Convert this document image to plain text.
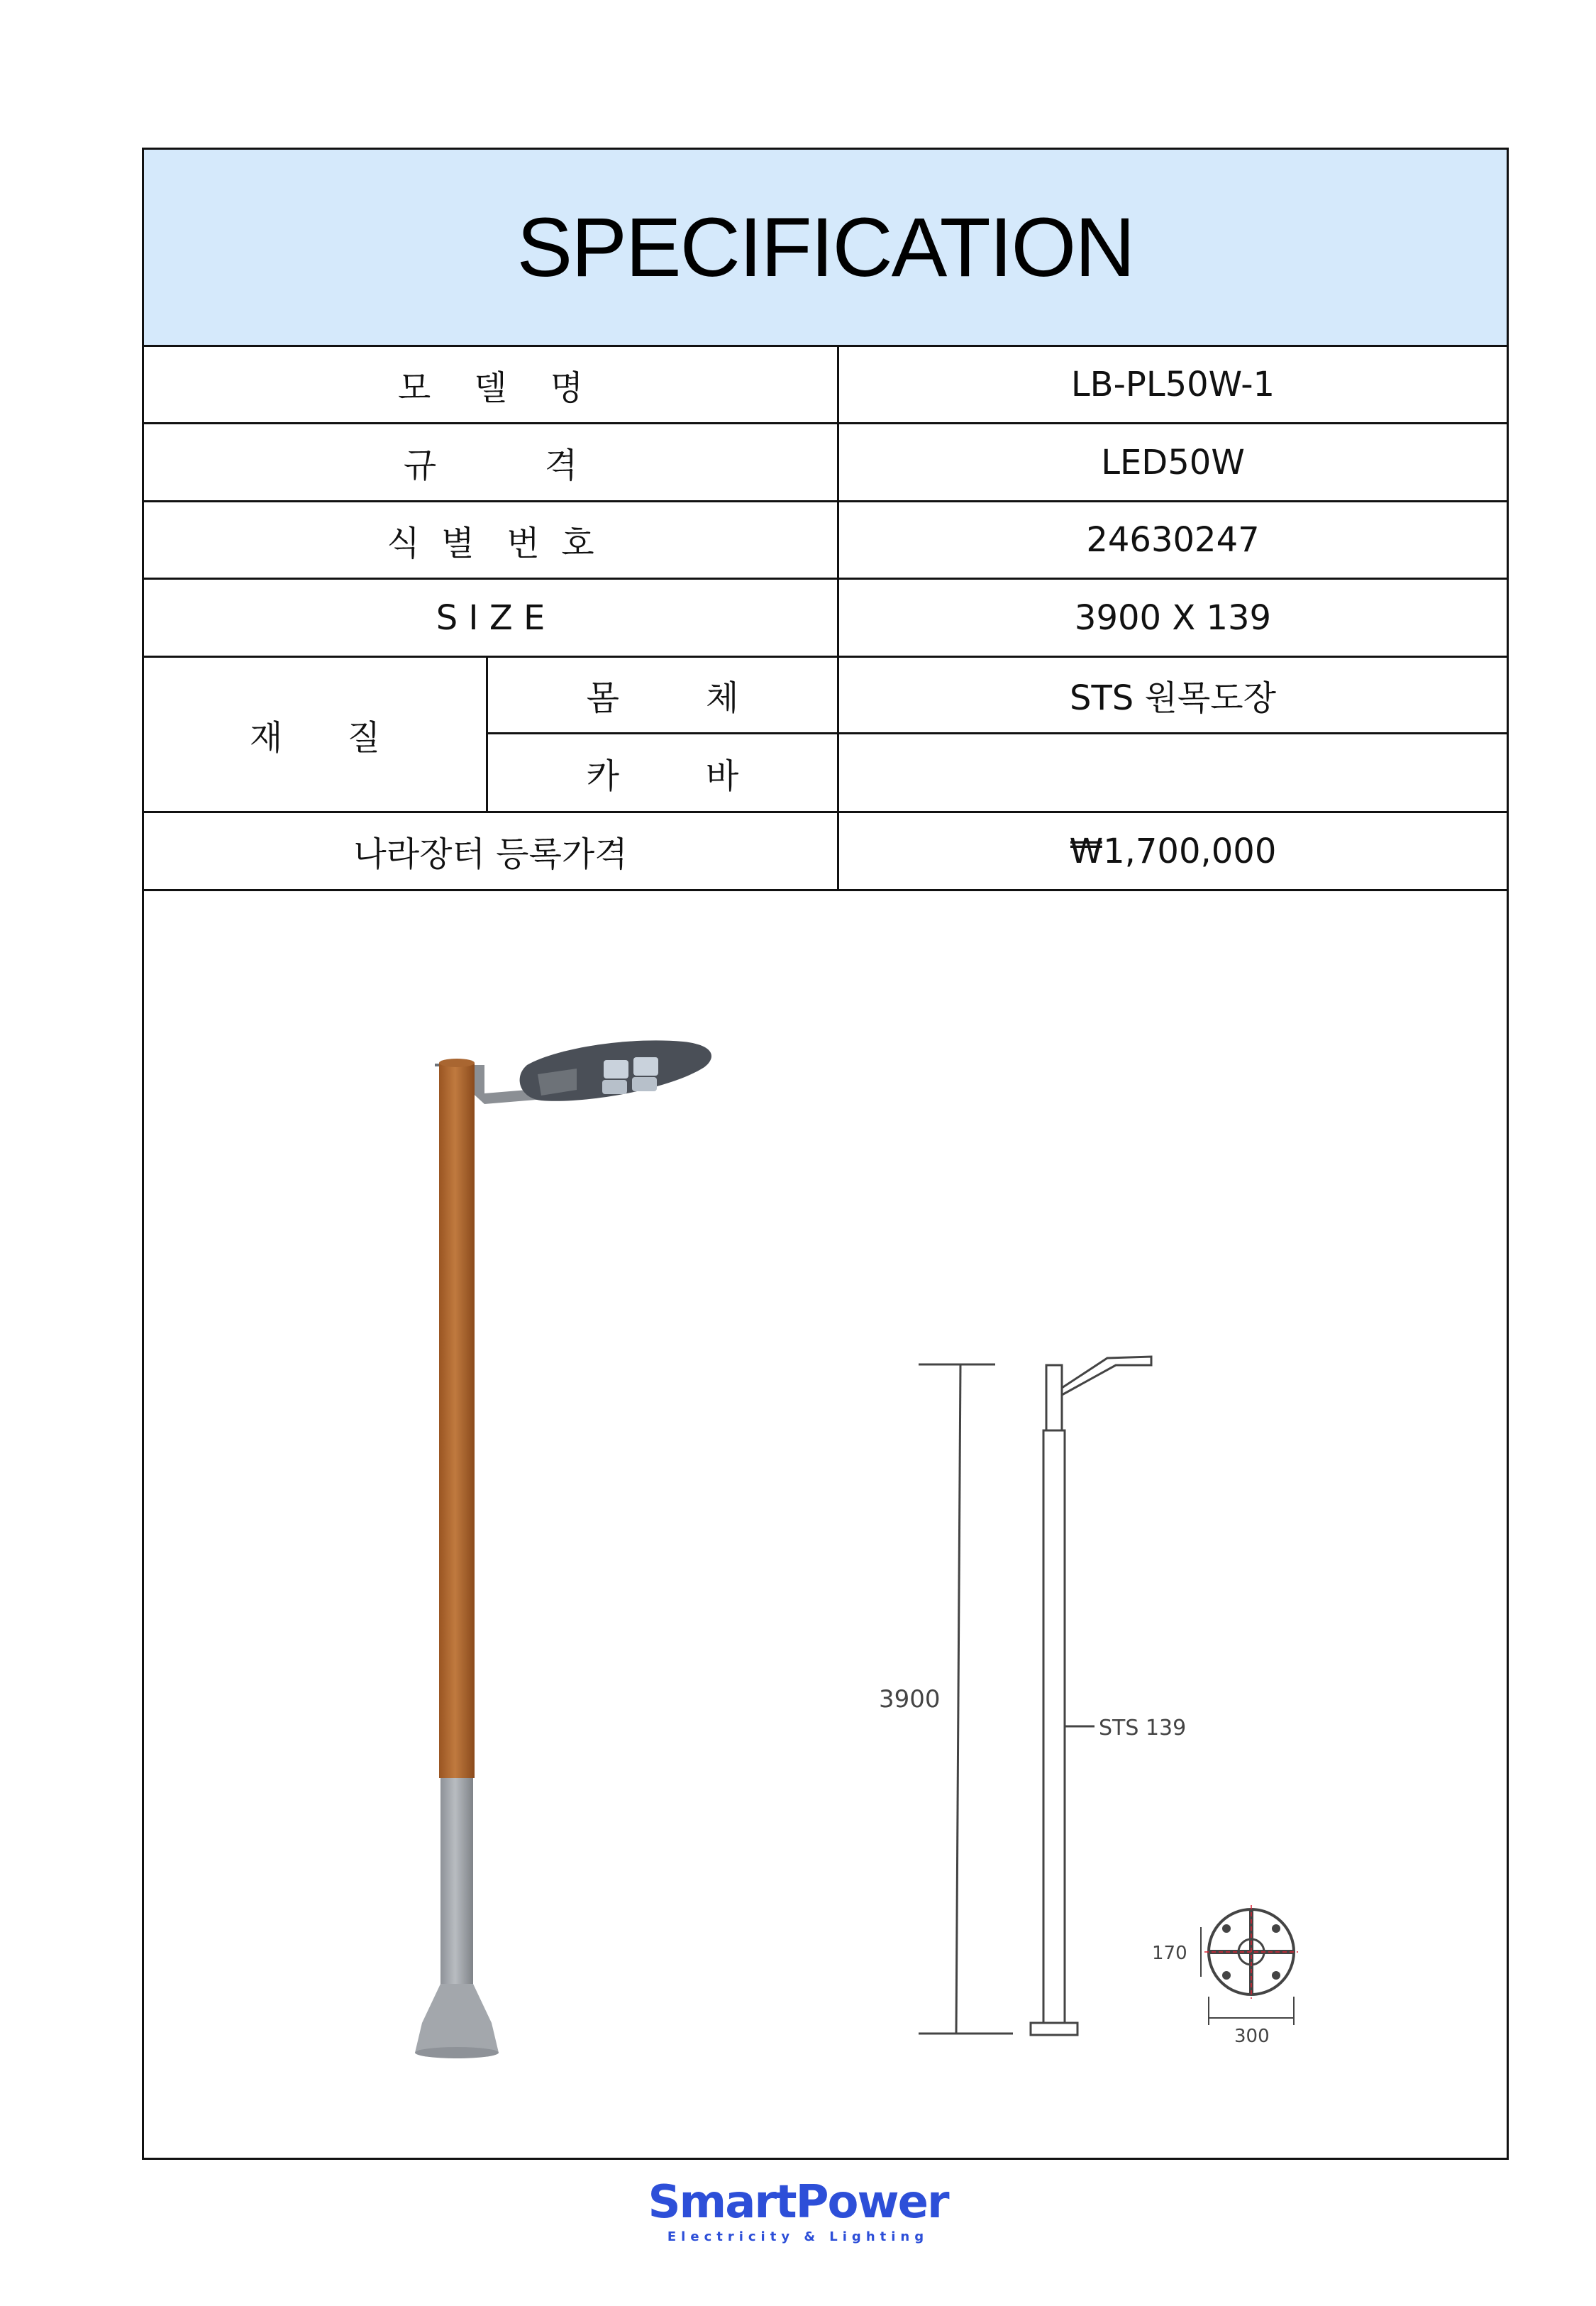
SPECIFICATION
모    델    명	LB-PL50W-1
규          격	LED50W
식  별   번  호	24630247
S I Z E	3900 X 139
재      질
몸        체	STS 원목도장
카        바
나라장터 등록가격	₩1,700,000
3900
STS 139
170
300
SmartPower
Electricity & Lighting
